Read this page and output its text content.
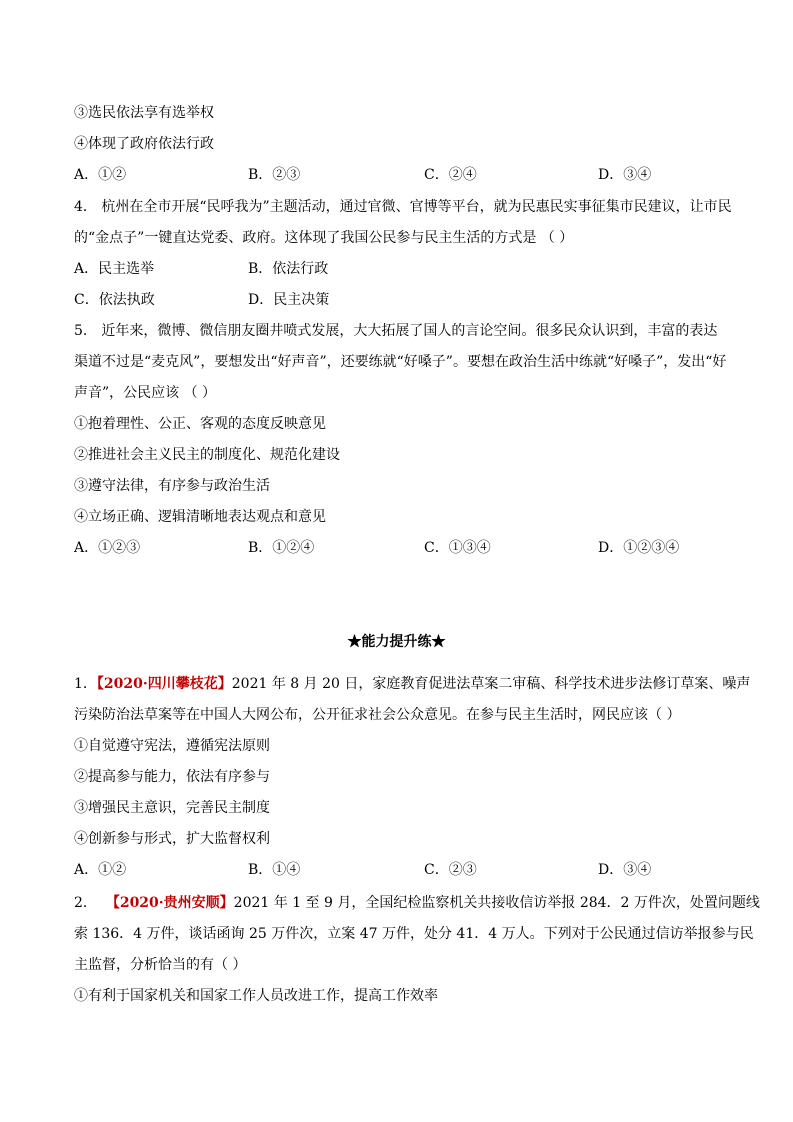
③选民依法享有选举权
④体现了政府依法行政
A．①②	B．②③	C．②④	D．③④
4． 杭州在全市开展“民呼我为”主题活动，通过官微、官博等平台，就为民惠民实事征集市民建议，让市民
的“金点子”一键直达党委、政府。这体现了我国公民参与民主生活的方式是 （ ）
A．民主选举	B．依法行政
C．依法执政	D．民主决策
5． 近年来，微博、微信朋友圈井喷式发展，大大拓展了国人的言论空间。很多民众认识到，丰富的表达
渠道不过是“麦克风”，要想发出“好声音”，还要练就“好嗓子”。要想在政治生活中练就“好嗓子”，发出“好
声音”，公民应该 （ ）
①抱着理性、公正、客观的态度反映意见
②推进社会主义民主的制度化、规范化建设
③遵守法律，有序参与政治生活
④立场正确、逻辑清晰地表达观点和意见
A．①②③	B．①②④	C．①③④	D．①②③④
★能力提升练★
1．【2020·四川攀枝花】2021 年 8 月 20 日，家庭教育促进法草案二审稿、科学技术进步法修订草案、噪声
污染防治法草案等在中国人大网公布，公开征求社会公众意见。在参与民主生活时，网民应该（ ）
①自觉遵守宪法，遵循宪法原则
②提高参与能力，依法有序参与
③增强民主意识，完善民主制度
④创新参与形式，扩大监督权利
A．①②	B．①④	C．②③	D．③④
2． 【2020·贵州安顺】2021 年 1 至 9 月，全国纪检监察机关共接收信访举报 284．2 万件次，处置问题线
索 136．4 万件，谈话函询 25 万件次，立案 47 万件，处分 41．4 万人。下列对于公民通过信访举报参与民
主监督，分析恰当的有（ ）
①有利于国家机关和国家工作人员改进工作，提高工作效率
